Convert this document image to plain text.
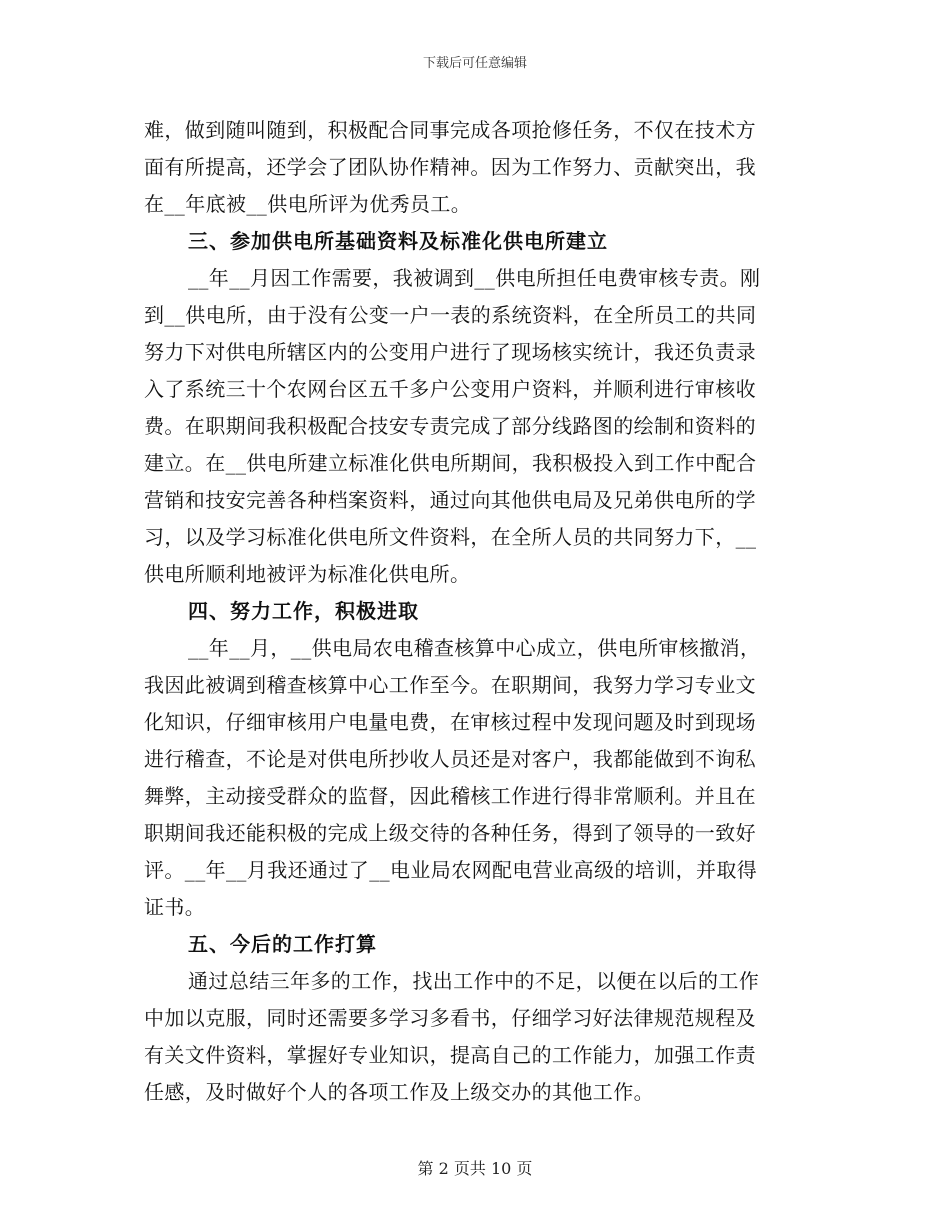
下载后可任意编辑
难，做到随叫随到，积极配合同事完成各项抢修任务，不仅在技术方
面有所提高，还学会了团队协作精神。因为工作努力、贡献突出，我
在__年底被__供电所评为优秀员工。
三、参加供电所基础资料及标准化供电所建立
__年__月因工作需要，我被调到__供电所担任电费审核专责。刚
到__供电所，由于没有公变一户一表的系统资料，在全所员工的共同
努力下对供电所辖区内的公变用户进行了现场核实统计，我还负责录
入了系统三十个农网台区五千多户公变用户资料，并顺利进行审核收
费。在职期间我积极配合技安专责完成了部分线路图的绘制和资料的
建立。在__供电所建立标准化供电所期间，我积极投入到工作中配合
营销和技安完善各种档案资料，通过向其他供电局及兄弟供电所的学
习，以及学习标准化供电所文件资料，在全所人员的共同努力下，__
供电所顺利地被评为标准化供电所。
四、努力工作，积极进取
__年__月，__供电局农电稽查核算中心成立，供电所审核撤消，
我因此被调到稽查核算中心工作至今。在职期间，我努力学习专业文
化知识，仔细审核用户电量电费，在审核过程中发现问题及时到现场
进行稽查，不论是对供电所抄收人员还是对客户，我都能做到不询私
舞弊，主动接受群众的监督，因此稽核工作进行得非常顺利。并且在
职期间我还能积极的完成上级交待的各种任务，得到了领导的一致好
评。__年__月我还通过了__电业局农网配电营业高级的培训，并取得
证书。
五、今后的工作打算
通过总结三年多的工作，找出工作中的不足，以便在以后的工作
中加以克服，同时还需要多学习多看书，仔细学习好法律规范规程及
有关文件资料，掌握好专业知识，提高自己的工作能力，加强工作责
任感，及时做好个人的各项工作及上级交办的其他工作。
第 2 页共 10 页
